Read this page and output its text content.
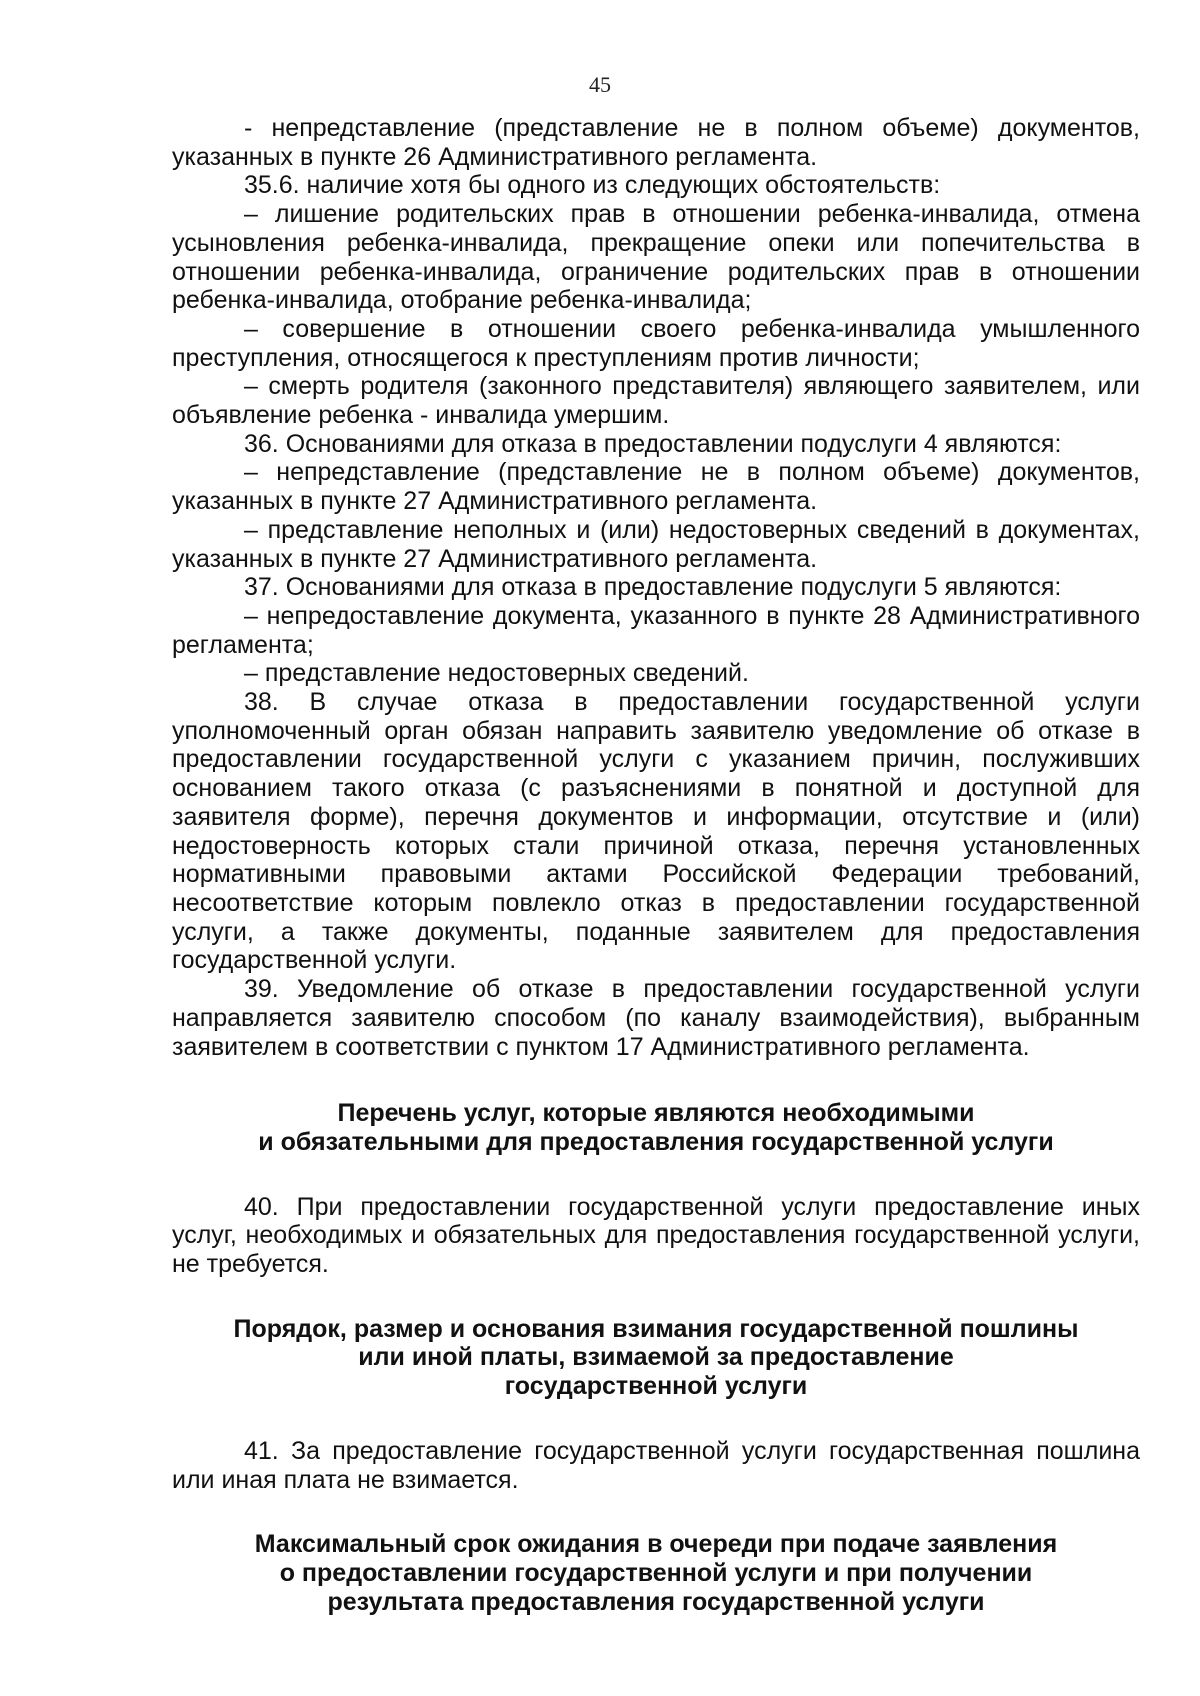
45

- непредставление (представление не в полном объеме) документов, указанных в пункте 26 Административного регламента.

35.6. наличие хотя бы одного из следующих обстоятельств:

– лишение родительских прав в отношении ребенка-инвалида, отмена усыновления ребенка-инвалида, прекращение опеки или попечительства в отношении ребенка-инвалида, ограничение родительских прав в отношении ребенка-инвалида, отобрание ребенка-инвалида;

– совершение в отношении своего ребенка-инвалида умышленного преступления, относящегося к преступлениям против личности;

– смерть родителя (законного представителя) являющего заявителем, или объявление ребенка - инвалида умершим.

36. Основаниями для отказа в предоставлении подуслуги 4 являются:

– непредставление (представление не в полном объеме) документов, указанных в пункте 27 Административного регламента.

– представление неполных и (или) недостоверных сведений в документах, указанных в пункте 27 Административного регламента.

37. Основаниями для отказа в предоставление подуслуги 5 являются:

– непредоставление документа, указанного в пункте 28 Административного регламента;

– представление недостоверных сведений.

38. В случае отказа в предоставлении государственной услуги уполномоченный орган обязан направить заявителю уведомление об отказе в предоставлении государственной услуги с указанием причин, послуживших основанием такого отказа (с разъяснениями в понятной и доступной для заявителя форме), перечня документов и информации, отсутствие и (или) недостоверность которых стали причиной отказа, перечня установленных нормативными правовыми актами Российской Федерации требований, несоответствие которым повлекло отказ в предоставлении государственной услуги, а также документы, поданные заявителем для предоставления государственной услуги.

39. Уведомление об отказе в предоставлении государственной услуги направляется заявителю способом (по каналу взаимодействия), выбранным заявителем в соответствии с пунктом 17 Административного регламента.

Перечень услуг, которые являются необходимыми
и обязательными для предоставления государственной услуги

40. При предоставлении государственной услуги предоставление иных услуг, необходимых и обязательных для предоставления государственной услуги, не требуется.

Порядок, размер и основания взимания государственной пошлины
или иной платы, взимаемой за предоставление
государственной услуги

41. За предоставление государственной услуги государственная пошлина или иная плата не взимается.

Максимальный срок ожидания в очереди при подаче заявления
о предоставлении государственной услуги и при получении
результата предоставления государственной услуги
